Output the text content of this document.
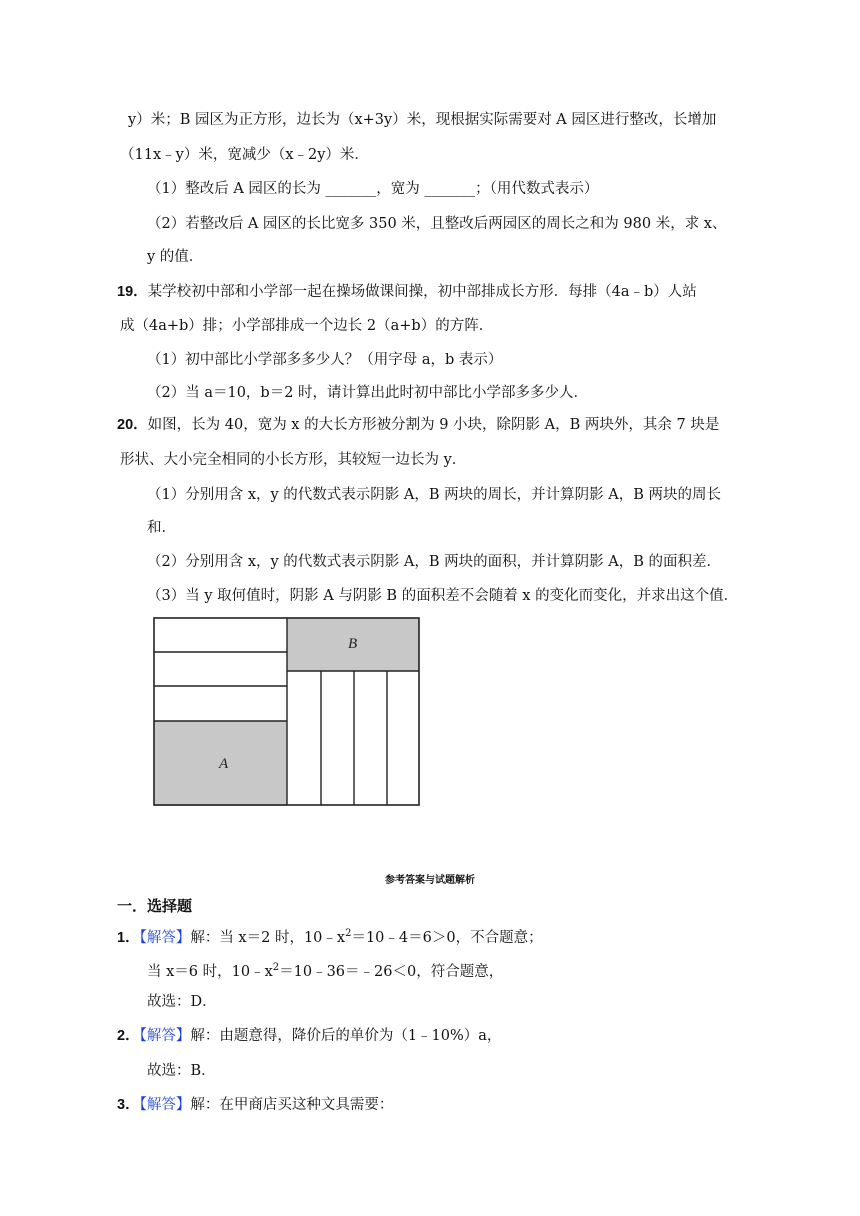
y）米；B 园区为正方形，边长为（x+3y）米，现根据实际需要对 A 园区进行整改，长增加
（11x﹣y）米，宽减少（x﹣2y）米．
（1）整改后 A 园区的长为 _______，宽为 _______；（用代数式表示）
（2）若整改后 A 园区的长比宽多 350 米，且整改后两园区的周长之和为 980 米，求 x、
y 的值．
19．某学校初中部和小学部一起在操场做课间操，初中部排成长方形．每排（4a﹣b）人站
成（4a+b）排；小学部排成一个边长 2（a+b）的方阵．
（1）初中部比小学部多多少人？（用字母 a，b 表示）
（2）当 a＝10，b＝2 时，请计算出此时初中部比小学部多多少人．
20．如图，长为 40，宽为 x 的大长方形被分割为 9 小块，除阴影 A，B 两块外，其余 7 块是
形状、大小完全相同的小长方形，其较短一边长为 y．
（1）分别用含 x，y 的代数式表示阴影 A，B 两块的周长，并计算阴影 A，B 两块的周长
和．
（2）分别用含 x，y 的代数式表示阴影 A，B 两块的面积，并计算阴影 A，B 的面积差．
（3）当 y 取何值时，阴影 A 与阴影 B 的面积差不会随着 x 的变化而变化，并求出这个值．
A
B
参考答案与试题解析
一．选择题
1．【解答】解：当 x＝2 时，$10﹣x^2=10﹣4=6>0$，不合题意；
当 x＝6 时，$10﹣x^2=10﹣36=﹣26<0$，符合题意，
故选：D．
2．【解答】解：由题意得，降价后的单价为（1﹣10%）a，
故选：B．
3．【解答】解：在甲商店买这种文具需要：
